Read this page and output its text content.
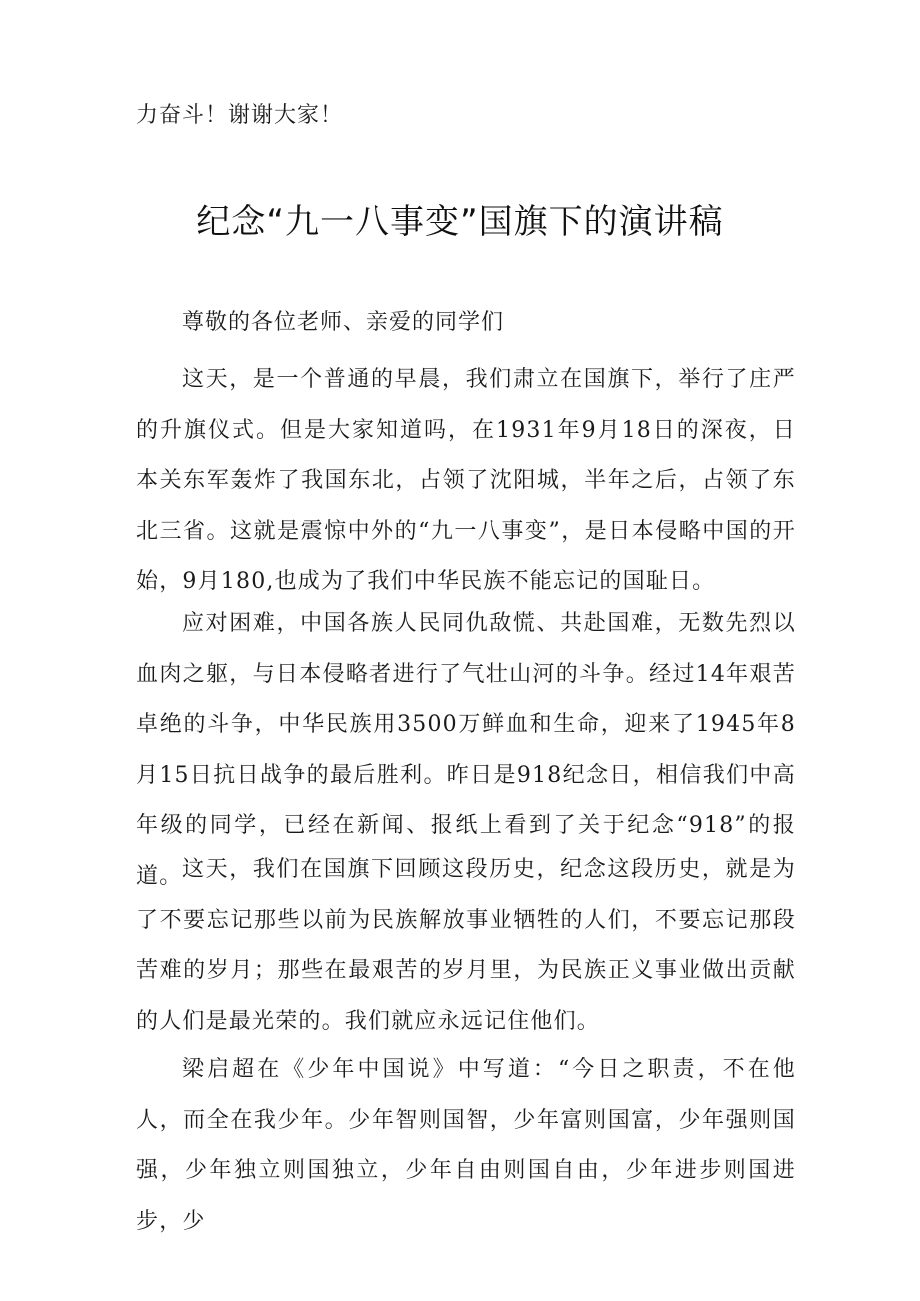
力奋斗！谢谢大家！
纪念“九一八事变”国旗下的演讲稿
尊敬的各位老师、亲爱的同学们

这天，是一个普通的早晨，我们肃立在国旗下，举行了庄严的升旗仪式。但是大家知道吗，在1931年9月18日的深夜，日本关东军轰炸了我国东北，占领了沈阳城，半年之后，占领了东北三省。这就是震惊中外的“九一八事变”，是日本侵略中国的开始，9月180,也成为了我们中华民族不能忘记的国耻日。

应对困难，中国各族人民同仇敌慌、共赴国难，无数先烈以血肉之躯，与日本侵略者进行了气壮山河的斗争。经过14年艰苦卓绝的斗争，中华民族用3500万鲜血和生命，迎来了1945年8月15日抗日战争的最后胜利。昨日是918纪念日，相信我们中高年级的同学，已经在新闻、报纸上看到了关于纪念“918”的报道。 这天，我们在国旗下回顾这段历史，纪念这段历史，就是为了不要忘记那些以前为民族解放事业牺牲的人们，不要忘记那段苦难的岁月；那些在最艰苦的岁月里，为民族正义事业做出贡献的人们是最光荣的。我们就应永远记住他们。

梁启超在《少年中国说》中写道：“今日之职责，不在他人，而全在我少年。少年智则国智，少年富则国富，少年强则国强，少年独立则国独立，少年自由则国自由，少年进步则国进步，少
